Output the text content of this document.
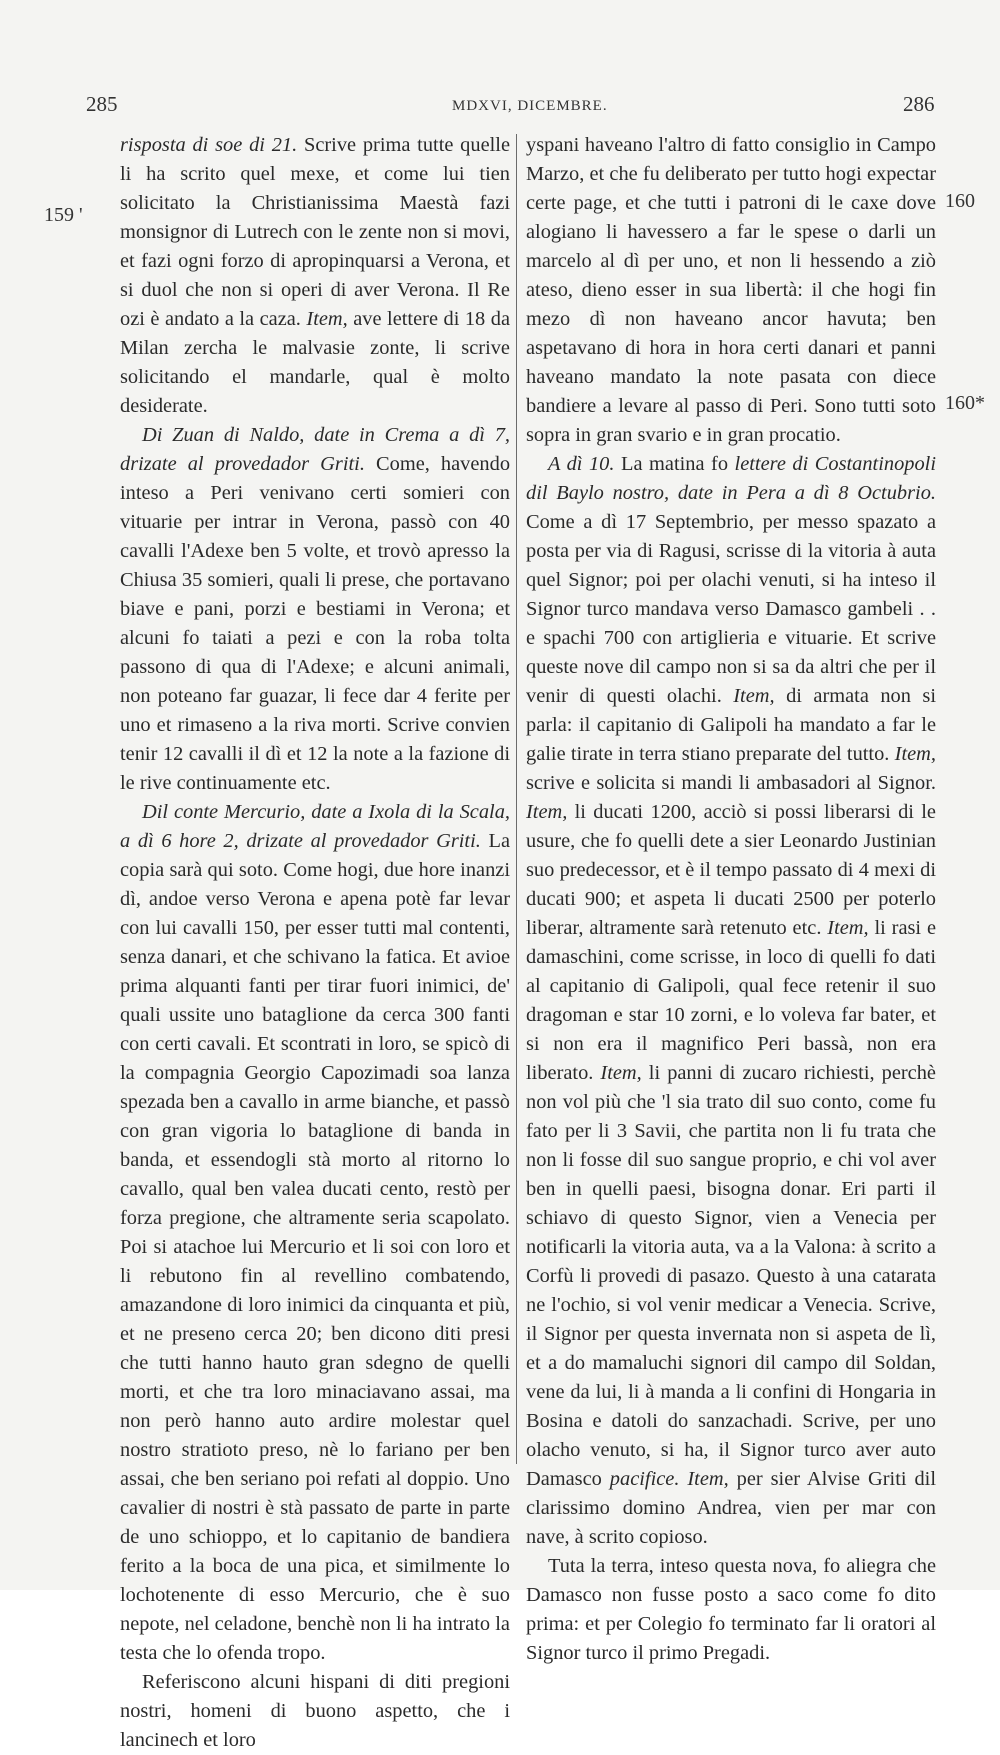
285	MDXVI, DICEMBRE.	286
159 '
160
160*

risposta di soe di 21. Scrive prima tutte quelle li ha scrito quel mexe, et come lui tien solicitato la Christianissima Maestà fazi monsignor di Lutrech con le zente non si movi, et fazi ogni forzo di apropinquarsi a Verona, et si duol che non si operi di aver Verona. Il Re ozi è andato a la caza. Item, ave lettere di 18 da Milan zercha le malvasie zonte, li scrive solicitando el mandarle, qual è molto desiderate.

Di Zuan di Naldo, date in Crema a dì 7, drizate al provedador Griti. Come, havendo inteso a Peri venivano certi somieri con vituarie per intrar in Verona, passò con 40 cavalli l'Adexe ben 5 volte, et trovò apresso la Chiusa 35 somieri, quali li prese, che portavano biave e pani, porzi e bestiami in Verona; et alcuni fo taiati a pezi e con la roba tolta passono di qua di l'Adexe; e alcuni animali, non poteano far guazar, li fece dar 4 ferite per uno et rimaseno a la riva morti. Scrive convien tenir 12 cavalli il dì et 12 la note a la fazione di le rive continuamente etc.

Dil conte Mercurio, date a Ixola di la Scala, a dì 6 hore 2, drizate al provedador Griti. La copia sarà qui soto. Come hogi, due hore inanzi dì, andoe verso Verona e apena potè far levar con lui cavalli 150, per esser tutti mal contenti, senza danari, et che schivano la fatica. Et avioe prima alquanti fanti per tirar fuori inimici, de' quali ussite uno bataglione da cerca 300 fanti con certi cavali. Et scontrati in loro, se spicò di la compagnia Georgio Capozimadi soa lanza spezada ben a cavallo in arme bianche, et passò con gran vigoria lo bataglione di banda in banda, et essendogli stà morto al ritorno lo cavallo, qual ben valea ducati cento, restò per forza pregione, che altramente seria scapolato. Poi si atachoe lui Mercurio et li soi con loro et li rebutono fin al revellino combatendo, amazandone di loro inimici da cinquanta et più, et ne preseno cerca 20; ben dicono diti presi che tutti hanno hauto gran sdegno de quelli morti, et che tra loro minaciavano assai, ma non però hanno auto ardire molestar quel nostro stratioto preso, nè lo fariano per ben assai, che ben seriano poi refati al doppio. Uno cavalier di nostri è stà passato de parte in parte de uno schioppo, et lo capitanio de bandiera ferito a la boca de una pica, et similmente lo lochotenente di esso Mercurio, che è suo nepote, nel celadone, benchè non li ha intrato la testa che lo ofenda tropo.

Referiscono alcuni hispani di diti pregioni nostri, homeni di buono aspetto, che i lancinech et loro

yspani haveano l'altro di fatto consiglio in Campo Marzo, et che fu deliberato per tutto hogi expectar certe page, et che tutti i patroni di le caxe dove alogiano li havessero a far le spese o darli un marcelo al dì per uno, et non li hessendo a ziò ateso, dieno esser in sua libertà: il che hogi fin mezo dì non haveano ancor havuta; ben aspetavano di hora in hora certi danari et panni haveano mandato la note pasata con diece bandiere a levare al passo di Peri. Sono tutti soto sopra in gran svario e in gran procatio.

A dì 10. La matina fo lettere di Costantinopoli dil Baylo nostro, date in Pera a dì 8 Octubrio. Come a dì 17 Septembrio, per messo spazato a posta per via di Ragusi, scrisse di la vitoria à auta quel Signor; poi per olachi venuti, si ha inteso il Signor turco mandava verso Damasco gambeli . . e spachi 700 con artiglieria e vituarie. Et scrive queste nove dil campo non si sa da altri che per il venir di questi olachi. Item, di armata non si parla: il capitanio di Galipoli ha mandato a far le galie tirate in terra stiano preparate del tutto. Item, scrive e solicita si mandi li ambasadori al Signor. Item, li ducati 1200, acciò si possi liberarsi di le usure, che fo quelli dete a sier Leonardo Justinian suo predecessor, et è il tempo passato di 4 mexi di ducati 900; et aspeta li ducati 2500 per poterlo liberar, altramente sarà retenuto etc. Item, li rasi e damaschini, come scrisse, in loco di quelli fo dati al capitanio di Galipoli, qual fece retenir il suo dragoman e star 10 zorni, e lo voleva far bater, et si non era il magnifico Peri bassà, non era liberato. Item, li panni di zucaro richiesti, perchè non vol più che 'l sia trato dil suo conto, come fu fato per li 3 Savii, che partita non li fu trata che non li fosse dil suo sangue proprio, e chi vol aver ben in quelli paesi, bisogna donar. Eri parti il schiavo di questo Signor, vien a Venecia per notificarli la vitoria auta, va a la Valona: à scrito a Corfù li provedi di pasazo. Questo à una catarata ne l'ochio, si vol venir medicar a Venecia. Scrive, il Signor per questa invernata non si aspeta de lì, et a do mamaluchi signori dil campo dil Soldan, vene da lui, li à manda a li confini di Hongaria in Bosina e datoli do sanzachadi. Scrive, per uno olacho venuto, si ha, il Signor turco aver auto Damasco pacifice. Item, per sier Alvise Griti dil clarissimo domino Andrea, vien per mar con nave, à scrito copioso.

Tuta la terra, inteso questa nova, fo aliegra che Damasco non fusse posto a saco come fo dito prima: et per Colegio fo terminato far li oratori al Signor turco il primo Pregadi.
